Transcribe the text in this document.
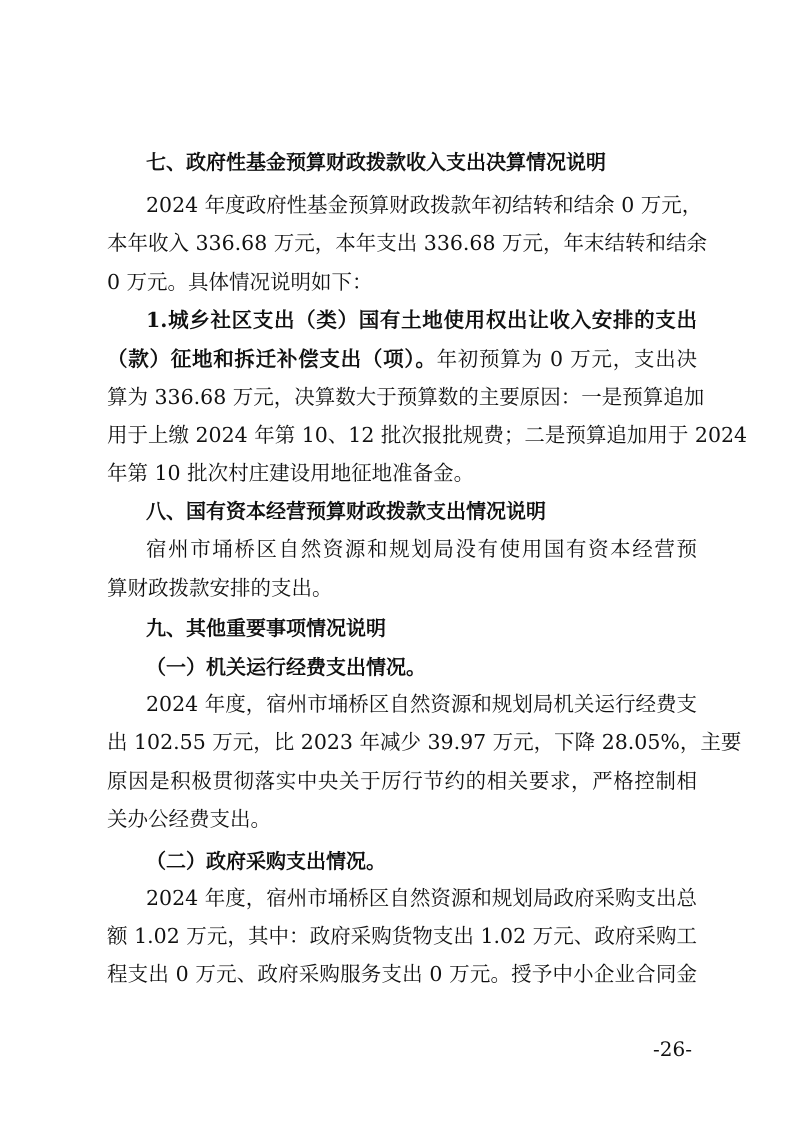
七、政府性基金预算财政拨款收入支出决算情况说明
2024 年度政府性基金预算财政拨款年初结转和结余 0 万元，
本年收入 336.68 万元，本年支出 336.68 万元，年末结转和结余
0 万元。具体情况说明如下：
1.城乡社区支出（类）国有土地使用权出让收入安排的支出
（款）征地和拆迁补偿支出（项）。年初预算为 0 万元，支出决
算为 336.68 万元，决算数大于预算数的主要原因：一是预算追加
用于上缴 2024 年第 10、12 批次报批规费；二是预算追加用于 2024
年第 10 批次村庄建设用地征地准备金。
八、国有资本经营预算财政拨款支出情况说明
宿州市埇桥区自然资源和规划局没有使用国有资本经营预
算财政拨款安排的支出。
九、其他重要事项情况说明
（一）机关运行经费支出情况。
2024 年度，宿州市埇桥区自然资源和规划局机关运行经费支
出 102.55 万元，比 2023 年减少 39.97 万元，下降 28.05%，主要
原因是积极贯彻落实中央关于厉行节约的相关要求，严格控制相
关办公经费支出。
（二）政府采购支出情况。
2024 年度，宿州市埇桥区自然资源和规划局政府采购支出总
额 1.02 万元，其中：政府采购货物支出 1.02 万元、政府采购工
程支出 0 万元、政府采购服务支出 0 万元。授予中小企业合同金
-26-
